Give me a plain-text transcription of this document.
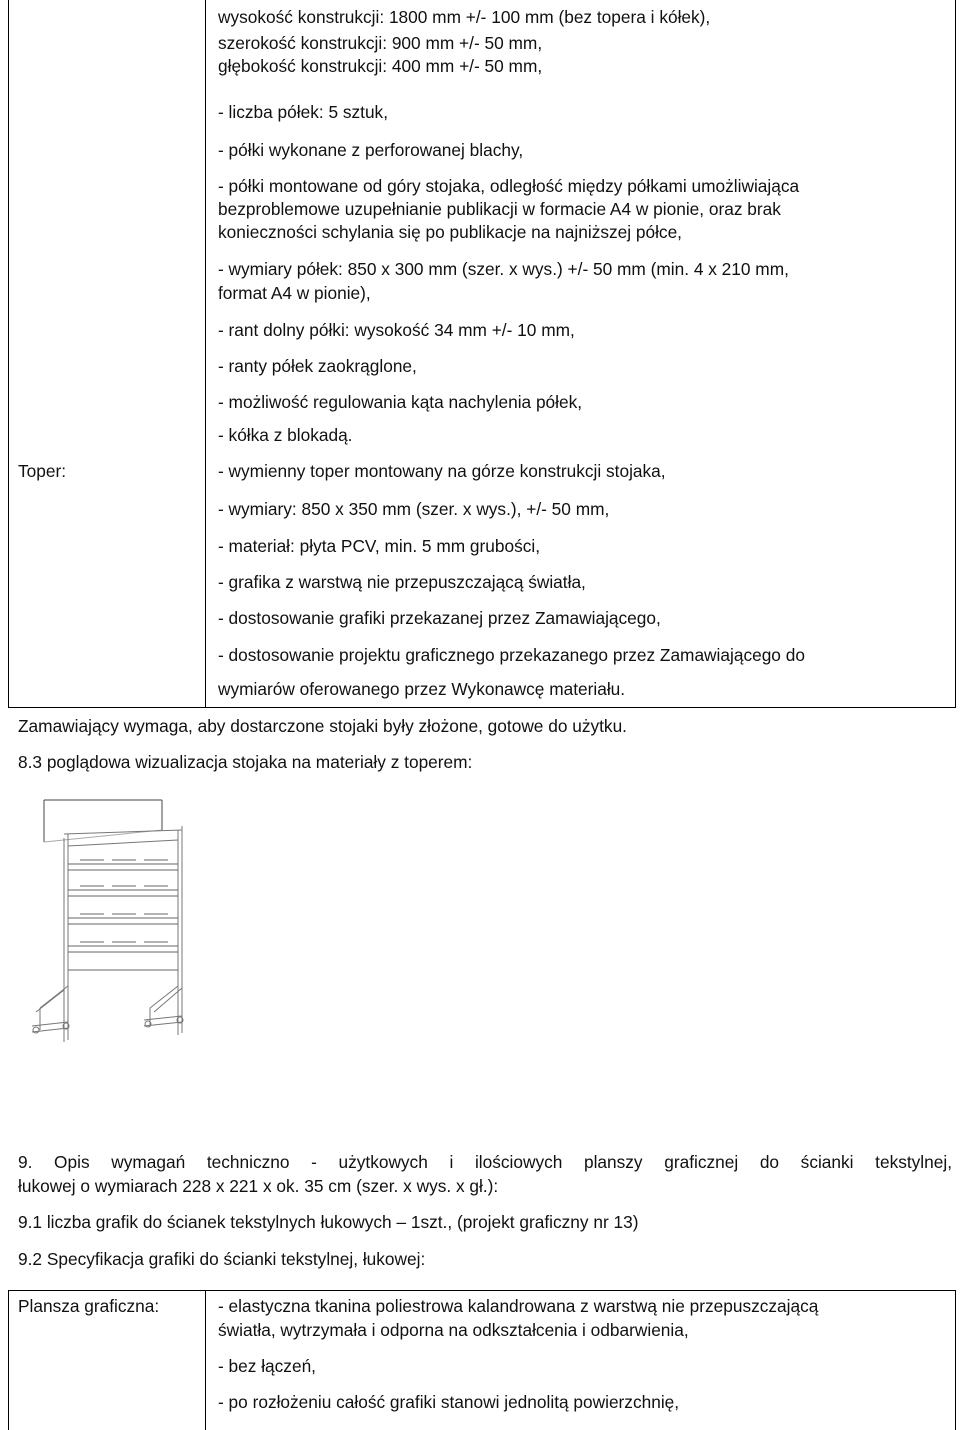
wysokość konstrukcji: 1800 mm +/- 100 mm (bez topera i kółek),
szerokość konstrukcji: 900 mm +/- 50 mm,
głębokość konstrukcji: 400 mm +/- 50 mm,
- liczba półek: 5 sztuk,
- półki wykonane z perforowanej blachy,
- półki montowane od góry stojaka, odległość między półkami umożliwiająca
bezproblemowe uzupełnianie publikacji w formacie A4 w pionie, oraz brak
konieczności schylania się po publikacje na najniższej półce,
- wymiary półek: 850 x 300 mm (szer. x wys.) +/- 50 mm (min. 4 x 210 mm,
format A4 w pionie),
- rant dolny półki: wysokość 34 mm +/- 10 mm,
- ranty półek zaokrąglone,
- możliwość regulowania kąta nachylenia półek,
- kółka z blokadą.
Toper:	- wymienny toper montowany na górze konstrukcji stojaka,
- wymiary: 850 x 350 mm (szer. x wys.), +/- 50 mm,
- materiał: płyta PCV, min. 5 mm grubości,
- grafika z warstwą nie przepuszczającą światła,
- dostosowanie grafiki przekazanej przez Zamawiającego,
- dostosowanie projektu graficznego przekazanego przez Zamawiającego do
wymiarów oferowanego przez Wykonawcę materiału.
Zamawiający wymaga, aby dostarczone stojaki były złożone, gotowe do użytku.
8.3 poglądowa wizualizacja stojaka na materiały z toperem:
9. Opis wymagań techniczno - użytkowych i ilościowych planszy graficznej do ścianki tekstylnej,
łukowej o wymiarach 228 x 221 x ok. 35 cm (szer. x wys. x gł.):
9.1 liczba grafik do ścianek tekstylnych łukowych – 1szt., (projekt graficzny nr 13)
9.2 Specyfikacja grafiki do ścianki tekstylnej, łukowej:
Plansza graficzna:	- elastyczna tkanina poliestrowa kalandrowana z warstwą nie przepuszczającą
światła, wytrzymała i odporna na odkształcenia i odbarwienia,
- bez łączeń,
- po rozłożeniu całość grafiki stanowi jednolitą powierzchnię,
